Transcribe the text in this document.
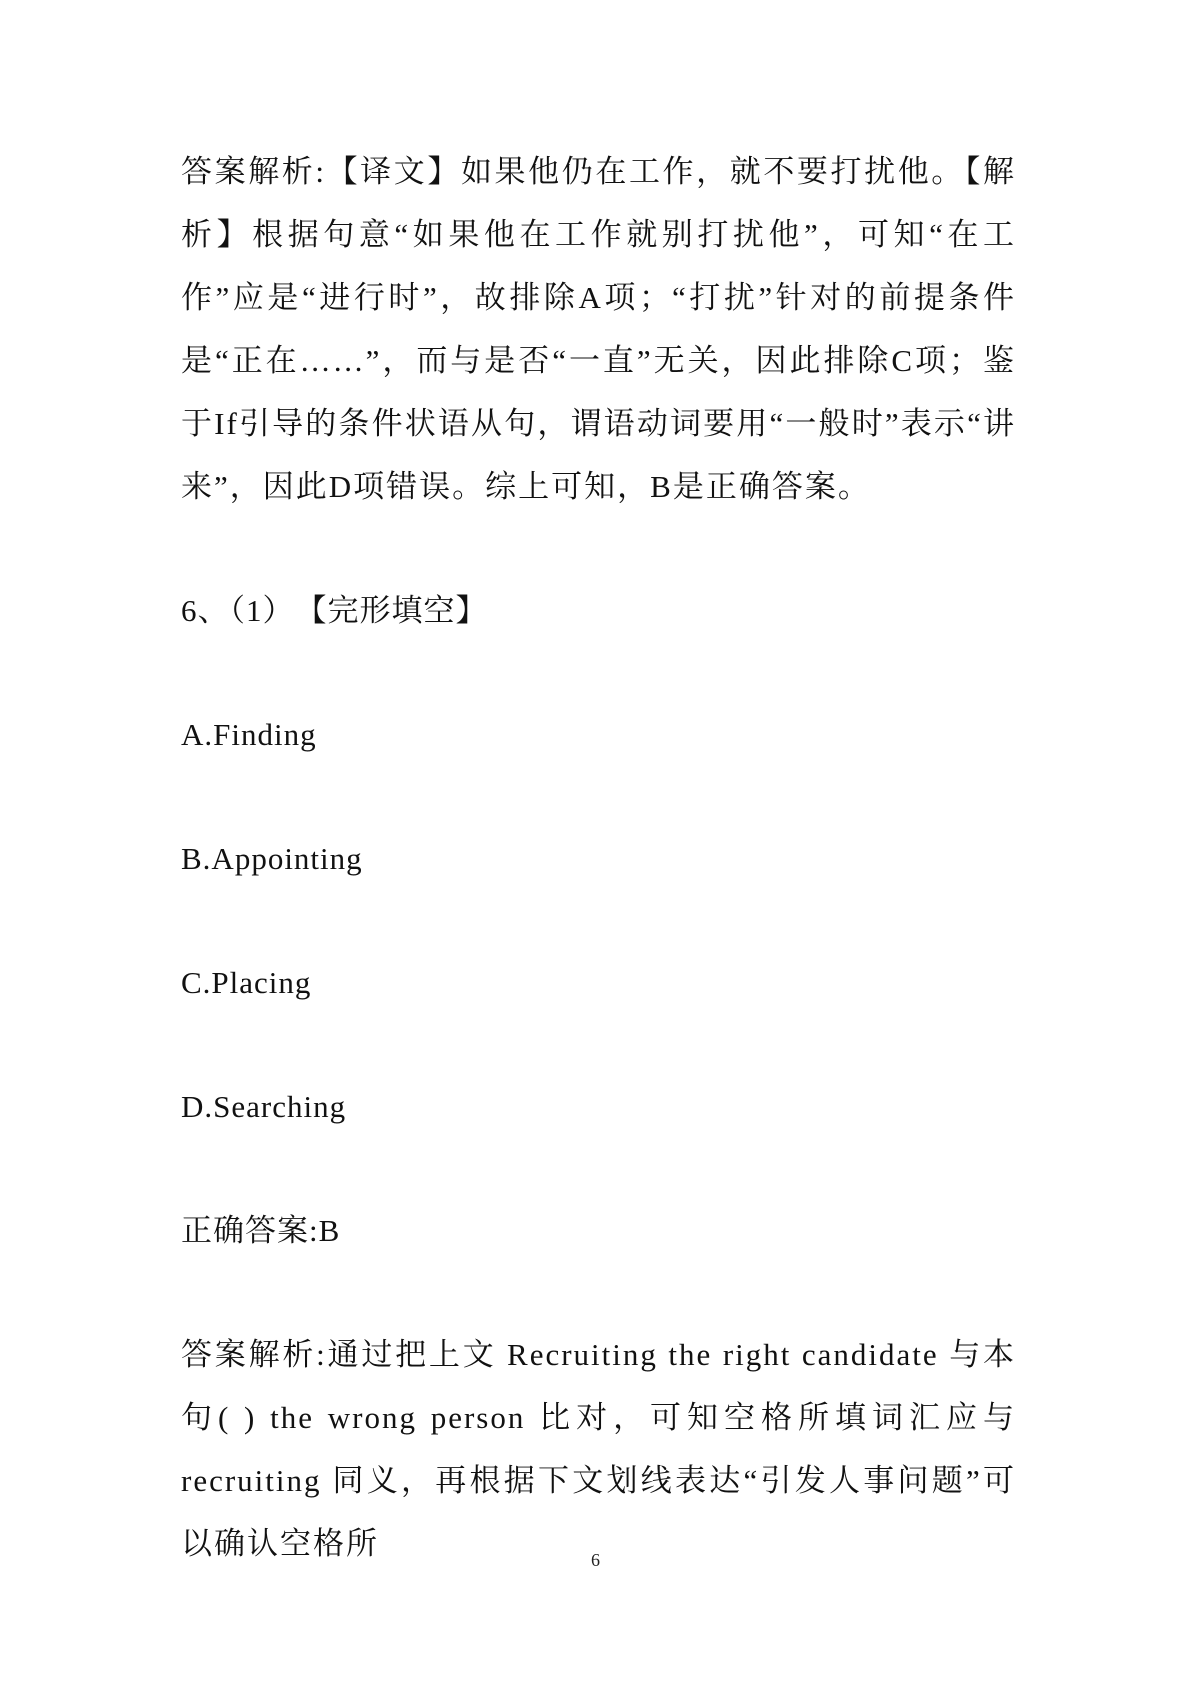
答案解析:【译文】如果他仍在工作，就不要打扰他。【解析】根据句意“如果他在工作就别打扰他”，可知“在工作”应是“进行时”，故排除A项；“打扰”针对的前提条件是“正在……”，而与是否“一直”无关，因此排除C项；鉴于If引导的条件状语从句，谓语动词要用“一般时”表示“讲来”，因此D项错误。综上可知，B是正确答案。

6、（1）　【完形填空】

A.Finding

B.Appointing

C.Placing

D.Searching

正确答案:B

答案解析:通过把上文 Recruiting the right candidate 与本句( ) the wrong person 比对，可知空格所填词汇应与 recruiting 同义，再根据下文划线表达“引发人事问题”可以确认空格所	6
